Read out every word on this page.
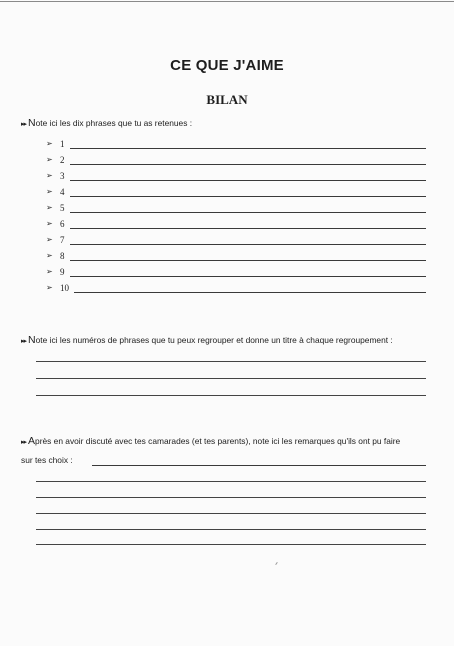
CE QUE J'AIME
BILAN
▸▸ Note ici les dix phrases que tu as retenues :
➢ 1
➢ 2
➢ 3
➢ 4
➢ 5
➢ 6
➢ 7
➢ 8
➢ 9
➢ 10
▸▸ Note ici les numéros de phrases que tu peux regrouper et donne un titre à chaque regroupement :
▸▸ Après en avoir discuté avec tes camarades (et tes parents), note ici les remarques qu'ils ont pu faire
sur tes choix :
